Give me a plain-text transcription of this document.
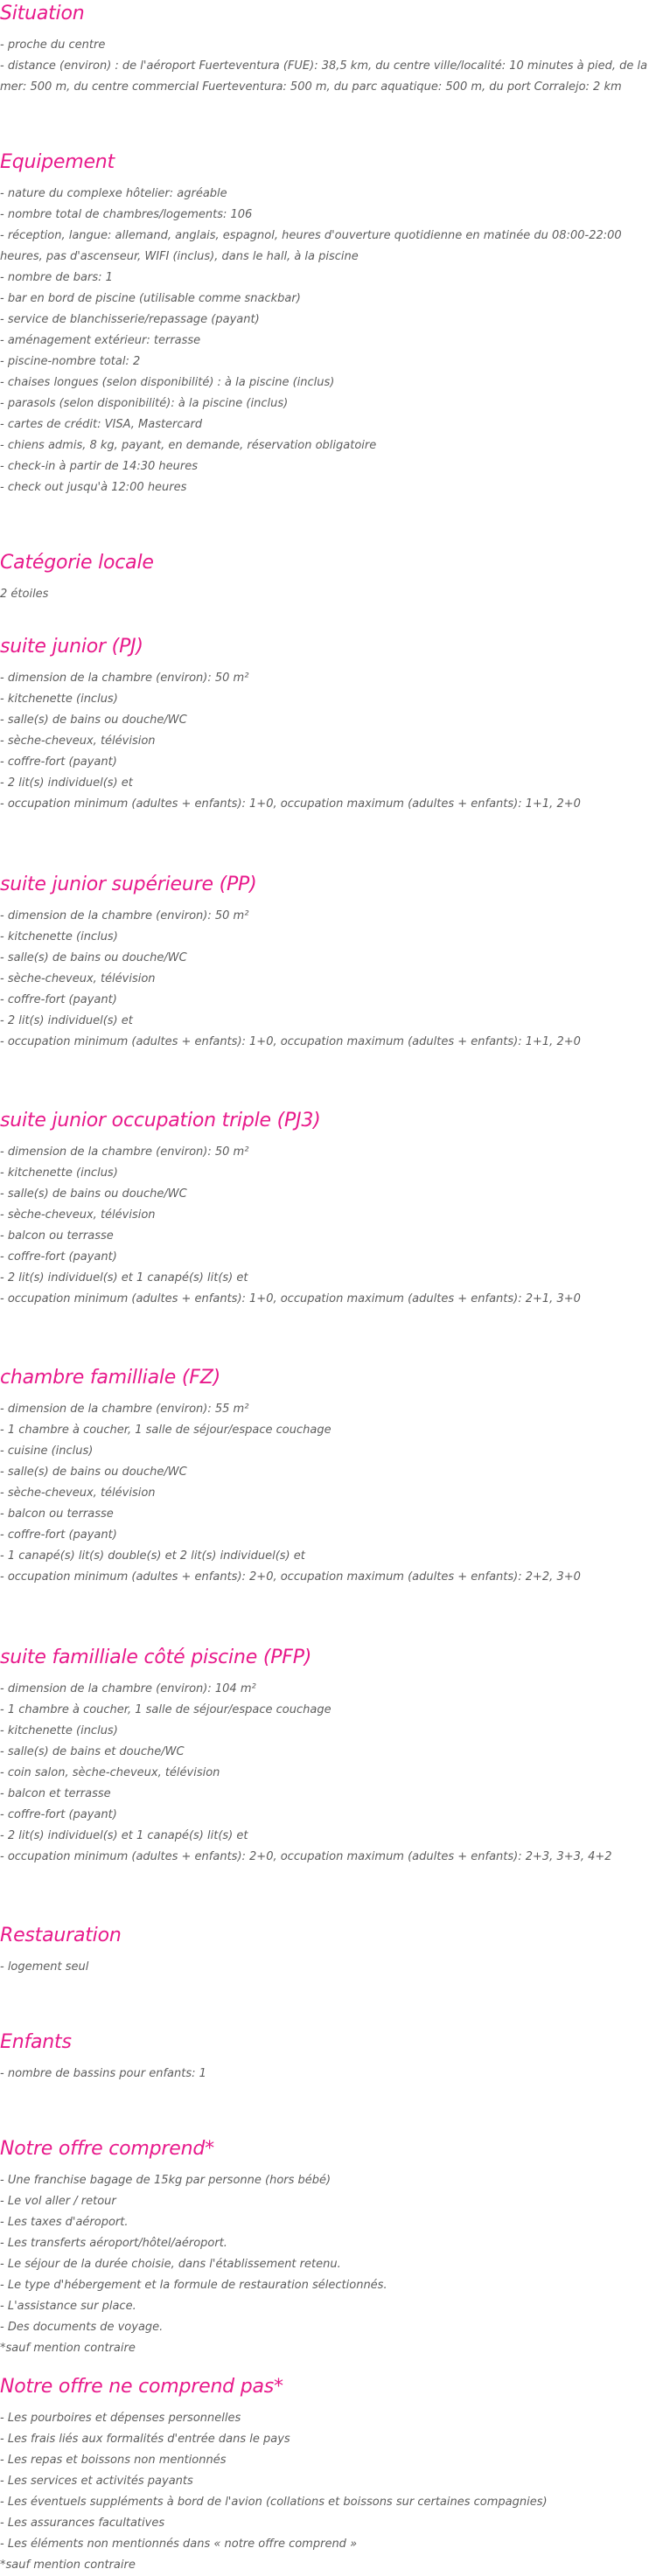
Situation
- proche du centre
- distance (environ) : de l'aéroport Fuerteventura (FUE): 38,5 km, du centre ville/localité: 10 minutes à pied, de la mer: 500 m, du centre commercial Fuerteventura: 500 m, du parc aquatique: 500 m, du port Corralejo: 2 km
Equipement
- nature du complexe hôtelier: agréable
- nombre total de chambres/logements: 106
- réception, langue: allemand, anglais, espagnol, heures d'ouverture quotidienne en matinée du 08:00-22:00 heures, pas d'ascenseur, WIFI (inclus), dans le hall, à la piscine
- nombre de bars: 1
- bar en bord de piscine (utilisable comme snackbar)
- service de blanchisserie/repassage (payant)
- aménagement extérieur: terrasse
- piscine-nombre total: 2
- chaises longues (selon disponibilité) : à la piscine (inclus)
- parasols (selon disponibilité): à la piscine (inclus)
- cartes de crédit: VISA, Mastercard
- chiens admis, 8 kg, payant, en demande, réservation obligatoire
- check-in à partir de 14:30 heures
- check out jusqu'à 12:00 heures
Catégorie locale
2 étoiles
suite junior (PJ)
- dimension de la chambre (environ): 50 m²
- kitchenette (inclus)
- salle(s) de bains ou douche/WC
- sèche-cheveux, télévision
- coffre-fort (payant)
- 2 lit(s) individuel(s) et
- occupation minimum (adultes + enfants): 1+0, occupation maximum (adultes + enfants): 1+1, 2+0
suite junior supérieure (PP)
- dimension de la chambre (environ): 50 m²
- kitchenette (inclus)
- salle(s) de bains ou douche/WC
- sèche-cheveux, télévision
- coffre-fort (payant)
- 2 lit(s) individuel(s) et
- occupation minimum (adultes + enfants): 1+0, occupation maximum (adultes + enfants): 1+1, 2+0
suite junior occupation triple (PJ3)
- dimension de la chambre (environ): 50 m²
- kitchenette (inclus)
- salle(s) de bains ou douche/WC
- sèche-cheveux, télévision
- balcon ou terrasse
- coffre-fort (payant)
- 2 lit(s) individuel(s) et 1 canapé(s) lit(s) et
- occupation minimum (adultes + enfants): 1+0, occupation maximum (adultes + enfants): 2+1, 3+0
chambre familliale (FZ)
- dimension de la chambre (environ): 55 m²
- 1 chambre à coucher, 1 salle de séjour/espace couchage
- cuisine (inclus)
- salle(s) de bains ou douche/WC
- sèche-cheveux, télévision
- balcon ou terrasse
- coffre-fort (payant)
- 1 canapé(s) lit(s) double(s) et 2 lit(s) individuel(s) et
- occupation minimum (adultes + enfants): 2+0, occupation maximum (adultes + enfants): 2+2, 3+0
suite familliale côté piscine (PFP)
- dimension de la chambre (environ): 104 m²
- 1 chambre à coucher, 1 salle de séjour/espace couchage
- kitchenette (inclus)
- salle(s) de bains et douche/WC
- coin salon, sèche-cheveux, télévision
- balcon et terrasse
- coffre-fort (payant)
- 2 lit(s) individuel(s) et 1 canapé(s) lit(s) et
- occupation minimum (adultes + enfants): 2+0, occupation maximum (adultes + enfants): 2+3, 3+3, 4+2
Restauration
- logement seul
Enfants
- nombre de bassins pour enfants: 1
Notre offre comprend*
- Une franchise bagage de 15kg par personne (hors bébé)
- Le vol aller / retour
- Les taxes d'aéroport.
- Les transferts aéroport/hôtel/aéroport.
- Le séjour de la durée choisie, dans l'établissement retenu.
- Le type d'hébergement et la formule de restauration sélectionnés.
- L'assistance sur place.
- Des documents de voyage.
*sauf mention contraire
Notre offre ne comprend pas*
- Les pourboires et dépenses personnelles
- Les frais liés aux formalités d'entrée dans le pays
- Les repas et boissons non mentionnés
- Les services et activités payants
- Les éventuels suppléments à bord de l'avion (collations et boissons sur certaines compagnies)
- Les assurances facultatives
- Les éléments non mentionnés dans « notre offre comprend »
*sauf mention contraire
